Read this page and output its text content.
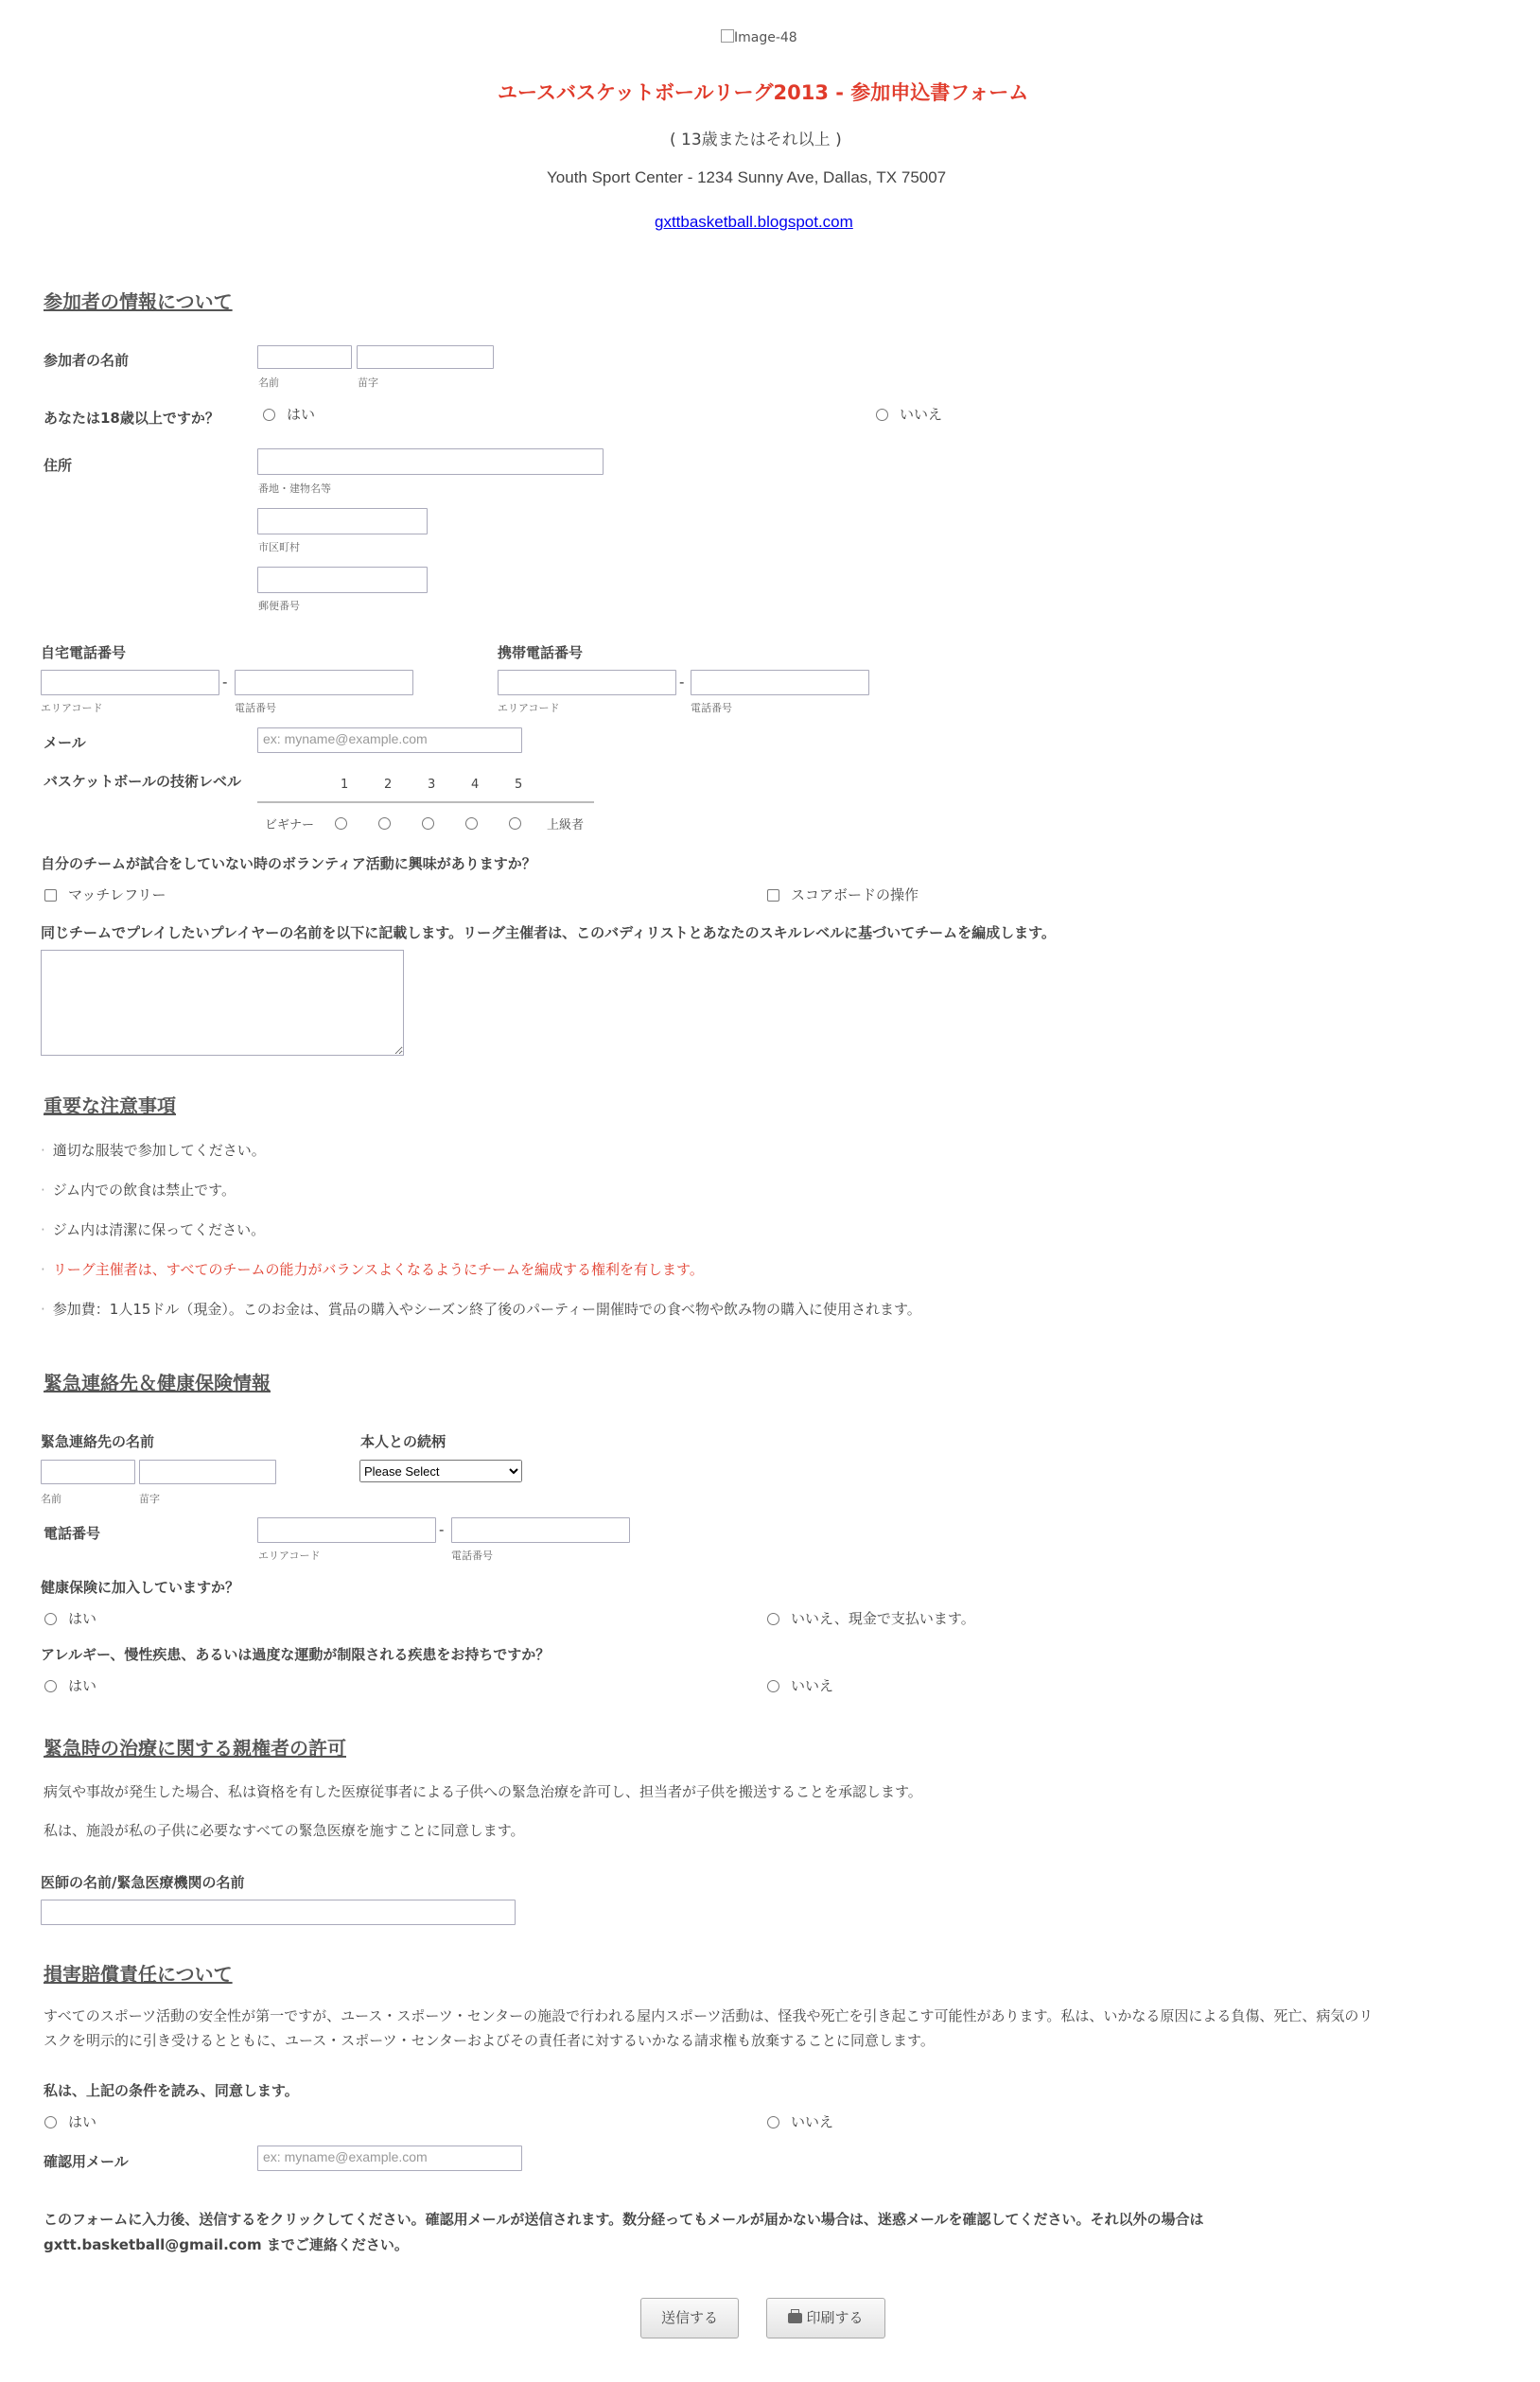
Image-48
ユースバスケットボールリーグ2013 - 参加申込書フォーム
( 13歳またはそれ以上 )
Youth Sport Center - 1234 Sunny Ave, Dallas, TX 75007
gxttbasketball.blogspot.com
参加者の情報について
参加者の名前
名前	苗字
あなたは18歳以上ですか？	はい	いいえ
住所
番地・建物名等
市区町村
郵便番号
自宅電話番号
-
エリアコード	電話番号
携帯電話番号
-
エリアコード	電話番号
メール	ex: myname@example.com
バスケットボールの技術レベル	1	2	3	4	5
ビギナー	上級者
自分のチームが試合をしていない時のボランティア活動に興味がありますか？
マッチレフリー	スコアボードの操作
同じチームでプレイしたいプレイヤーの名前を以下に記載します。リーグ主催者は、このバディリストとあなたのスキルレベルに基づいてチームを編成します。
重要な注意事項
· 適切な服装で参加してください。
· ジム内での飲食は禁止です。
· ジム内は清潔に保ってください。
· リーグ主催者は、すべてのチームの能力がバランスよくなるようにチームを編成する権利を有します。
· 参加費：1人15ドル（現金）。このお金は、賞品の購入やシーズン終了後のパーティー開催時での食べ物や飲み物の購入に使用されます。
緊急連絡先＆健康保険情報
緊急連絡先の名前
名前	苗字
本人との続柄
Please Select
電話番号	-
エリアコード	電話番号
健康保険に加入していますか？
はい	いいえ、現金で支払います。
アレルギー、慢性疾患、あるいは過度な運動が制限される疾患をお持ちですか？
はい	いいえ
緊急時の治療に関する親権者の許可
病気や事故が発生した場合、私は資格を有した医療従事者による子供への緊急治療を許可し、担当者が子供を搬送することを承認します。
私は、施設が私の子供に必要なすべての緊急医療を施すことに同意します。
医師の名前/緊急医療機関の名前
損害賠償責任について
すべてのスポーツ活動の安全性が第一ですが、ユース・スポーツ・センターの施設で行われる屋内スポーツ活動は、怪我や死亡を引き起こす可能性があります。私は、いかなる原因による負傷、死亡、病気のリ
スクを明示的に引き受けるとともに、ユース・スポーツ・センターおよびその責任者に対するいかなる請求権も放棄することに同意します。
私は、上記の条件を読み、同意します。
はい	いいえ
確認用メール	ex: myname@example.com
このフォームに入力後、送信するをクリックしてください。確認用メールが送信されます。数分経ってもメールが届かない場合は、迷惑メールを確認してください。それ以外の場合は
gxtt.basketball@gmail.com までご連絡ください。
送信する	印刷する
